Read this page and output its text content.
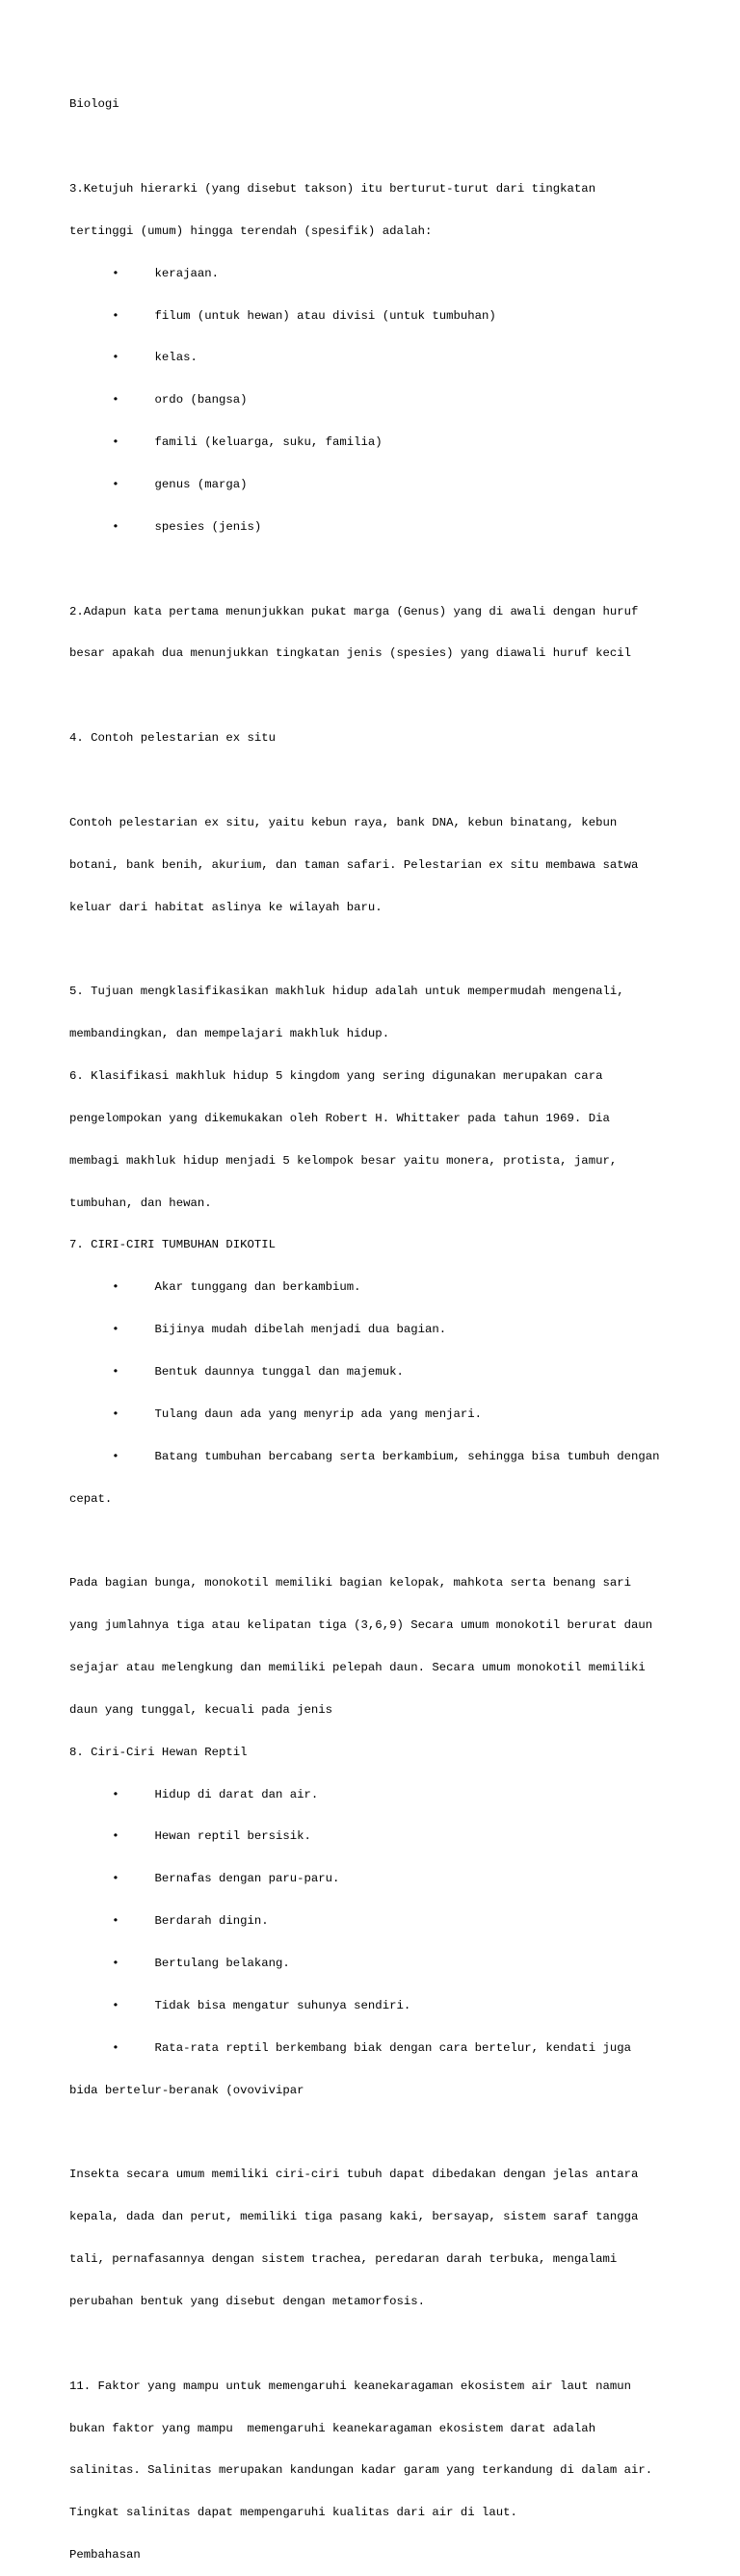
Biologi

3.Ketujuh hierarki (yang disebut takson) itu berturut-turut dari tingkatan

tertinggi (umum) hingga terendah (spesifik) adalah:

•     kerajaan.

•     filum (untuk hewan) atau divisi (untuk tumbuhan)

•     kelas.

•     ordo (bangsa)

•     famili (keluarga, suku, familia)

•     genus (marga)

•     spesies (jenis)

2.Adapun kata pertama menunjukkan pukat marga (Genus) yang di awali dengan huruf

besar apakah dua menunjukkan tingkatan jenis (spesies) yang diawali huruf kecil

4. Contoh pelestarian ex situ

Contoh pelestarian ex situ, yaitu kebun raya, bank DNA, kebun binatang, kebun

botani, bank benih, akurium, dan taman safari. Pelestarian ex situ membawa satwa

keluar dari habitat aslinya ke wilayah baru.

5. Tujuan mengklasifikasikan makhluk hidup adalah untuk mempermudah mengenali,

membandingkan, dan mempelajari makhluk hidup.

6. Klasifikasi makhluk hidup 5 kingdom yang sering digunakan merupakan cara

pengelompokan yang dikemukakan oleh Robert H. Whittaker pada tahun 1969. Dia

membagi makhluk hidup menjadi 5 kelompok besar yaitu monera, protista, jamur,

tumbuhan, dan hewan.

7. CIRI-CIRI TUMBUHAN DIKOTIL

•     Akar tunggang dan berkambium.

•     Bijinya mudah dibelah menjadi dua bagian.

•     Bentuk daunnya tunggal dan majemuk.

•     Tulang daun ada yang menyrip ada yang menjari.

•     Batang tumbuhan bercabang serta berkambium, sehingga bisa tumbuh dengan

cepat.

Pada bagian bunga, monokotil memiliki bagian kelopak, mahkota serta benang sari

yang jumlahnya tiga atau kelipatan tiga (3,6,9) Secara umum monokotil berurat daun

sejajar atau melengkung dan memiliki pelepah daun. Secara umum monokotil memiliki

daun yang tunggal, kecuali pada jenis

8. Ciri-Ciri Hewan Reptil

•     Hidup di darat dan air.

•     Hewan reptil bersisik.

•     Bernafas dengan paru-paru.

•     Berdarah dingin.

•     Bertulang belakang.

•     Tidak bisa mengatur suhunya sendiri.

•     Rata-rata reptil berkembang biak dengan cara bertelur, kendati juga

bida bertelur-beranak (ovovivipar

Insekta secara umum memiliki ciri-ciri tubuh dapat dibedakan dengan jelas antara

kepala, dada dan perut, memiliki tiga pasang kaki, bersayap, sistem saraf tangga

tali, pernafasannya dengan sistem trachea, peredaran darah terbuka, mengalami

perubahan bentuk yang disebut dengan metamorfosis.

11. Faktor yang mampu untuk memengaruhi keanekaragaman ekosistem air laut namun

bukan faktor yang mampu  memengaruhi keanekaragaman ekosistem darat adalah

salinitas. Salinitas merupakan kandungan kadar garam yang terkandung di dalam air.

Tingkat salinitas dapat mempengaruhi kualitas dari air di laut.

Pembahasan
